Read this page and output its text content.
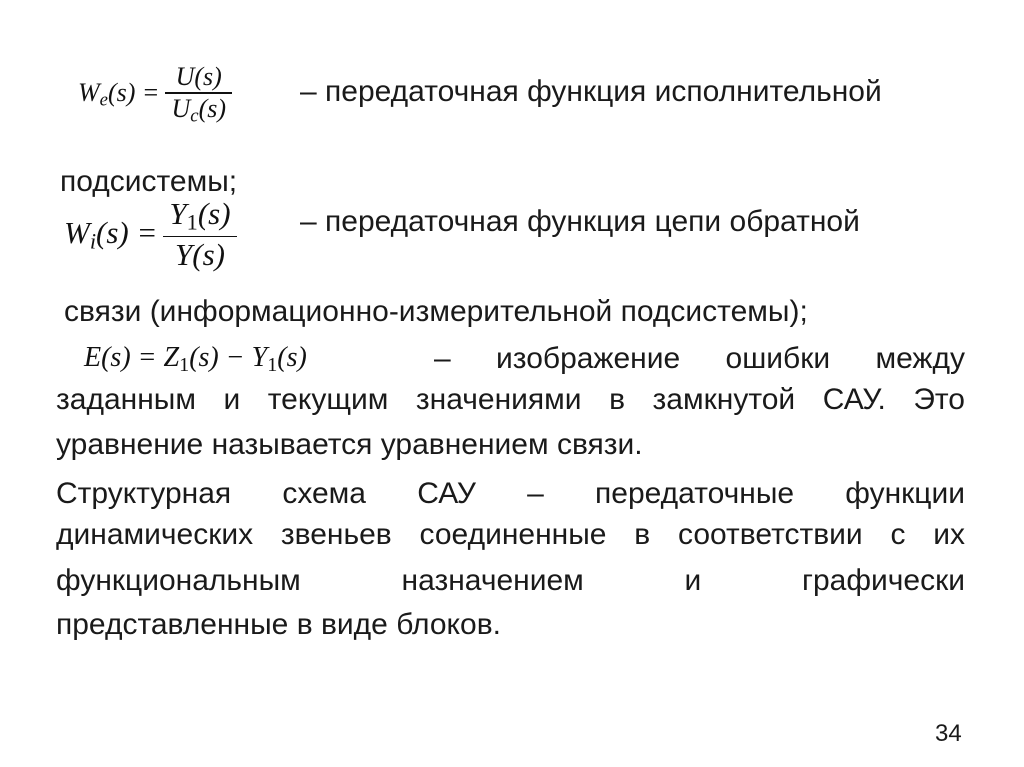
$W_e(s) = \frac{U(s)}{U_c(s)}$ – передаточная функция исполнительной
подсистемы;
$W_i(s) = \frac{Y_1(s)}{Y(s)}$ – передаточная функция цепи обратной
связи (информационно-измерительной подсистемы);
$E(s) = Z_1(s) - Y_1(s)$	– изображение ошибки между
заданным и текущим значениями в замкнутой САУ. Это
уравнение называется уравнением связи.
Структурная схема САУ – передаточные функции
динамических звеньев соединенные в соответствии с их
функциональным назначением и графически
представленные в виде блоков.
34
